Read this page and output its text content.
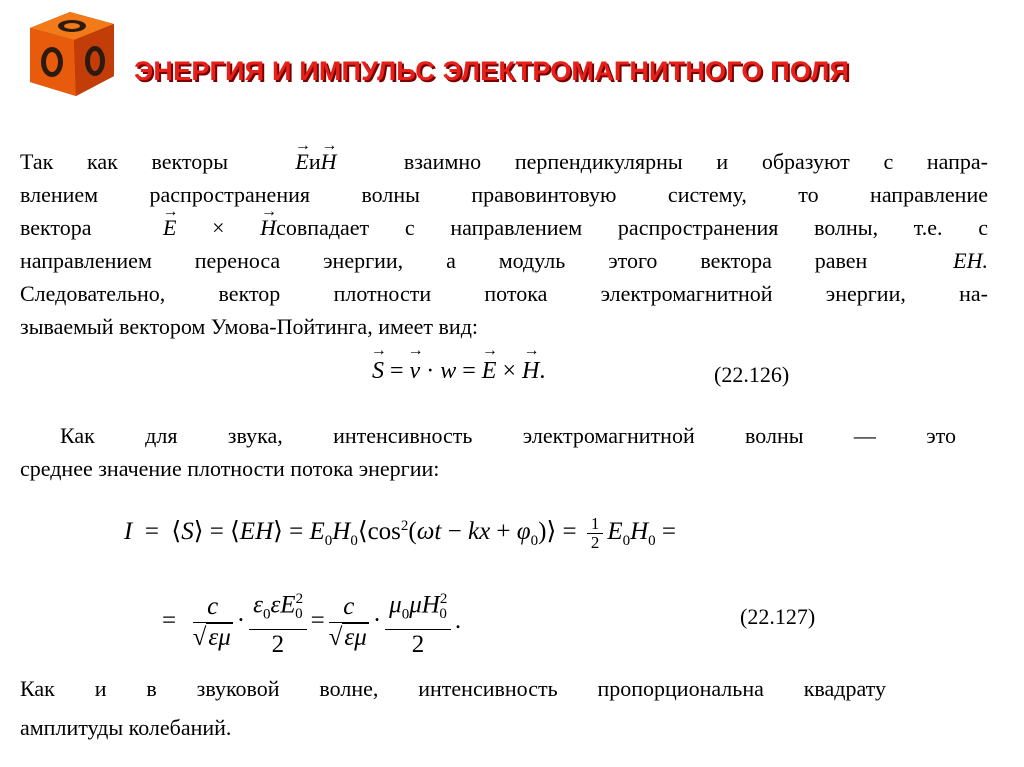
ЭНЕРГИЯ И ИМПУЛЬС ЭЛЕКТРОМАГНИТНОГО ПОЛЯ
Так как векторы	→ Eи→ H	взаимно перпендикулярны и образуют с напра-
влением распространения волны правовинтовую систему, то направление
вектора	→ E × → Hсовпадает с направлением распространения волны, т.е. с
направлением переноса энергии, а модуль этого вектора равен	EH.
Следовательно, вектор плотности потока электромагнитной энергии, на-
зываемый вектором Умова-Пойтинга, имеет вид:
→ S = → v · w = → E × → H.	(22.126)
Как для звука, интенсивность электромагнитной волны — это
среднее значение плотности потока энергии:
I  =  ⟨S⟩ = ⟨EH⟩ = $E_0H_0⟨\cos^2(\omega t$ − kx + $\varphi_0)⟩ = \frac{1}{2} E_0H_0$ =
= $\frac{c}{√\varepsilon\mu} \cdot \frac{\varepsilon_0\varepsilon E^2_0}{2} = \frac{c}{√\varepsilon\mu} \cdot \frac{\mu_0\mu H^2_0}{2}$ .	(22.127)
Как и в звуковой волне, интенсивность пропорциональна квадрату
амплитуды колебаний.
